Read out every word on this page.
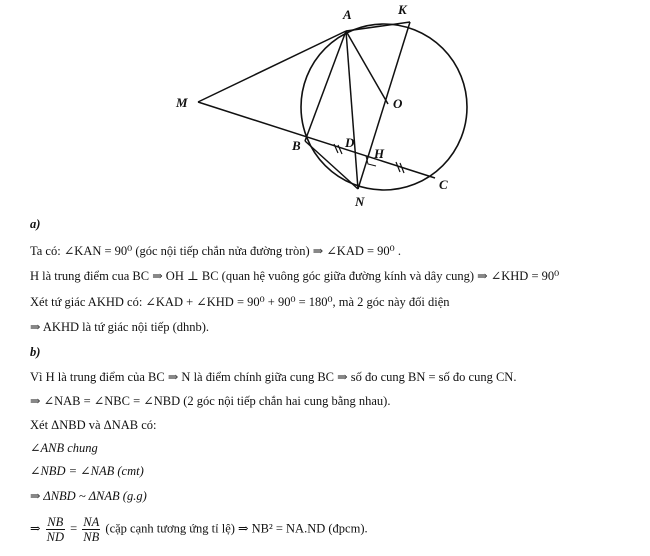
A	K
M	O
B	D
H
C
N
a)
Ta có: ∠KAN = 90⁰ (góc nội tiếp chắn nửa đường tròn) ⇒ ∠KAD = 90⁰ .
H là trung điểm cua BC ⇒ OH ⊥ BC (quan hệ vuông góc giữa đường kính và dây cung) ⇒ ∠KHD = 90⁰
Xét tứ giác AKHD có: ∠KAD + ∠KHD = 90⁰ + 90⁰ = 180⁰, mà 2 góc này đối diện
⇒ AKHD là tứ giác nội tiếp (dhnb).
b)
Vì H là trung điểm của BC ⇒ N là điểm chính giữa cung BC ⇒ số đo cung BN = số đo cung CN.
⇒ ∠NAB = ∠NBC = ∠NBD (2 góc nội tiếp chắn hai cung bằng nhau).
Xét ΔNBD và ΔNAB có:
∠ANB chung
∠NBD = ∠NAB (cmt)
⇒ ΔNBD ~ ΔNAB (g.g)
⇒ $\frac{NB}{ND} = \frac{NA}{NB}$ (cặp cạnh tương ứng tỉ lệ) ⇒ NB² = NA.ND (đpcm).
